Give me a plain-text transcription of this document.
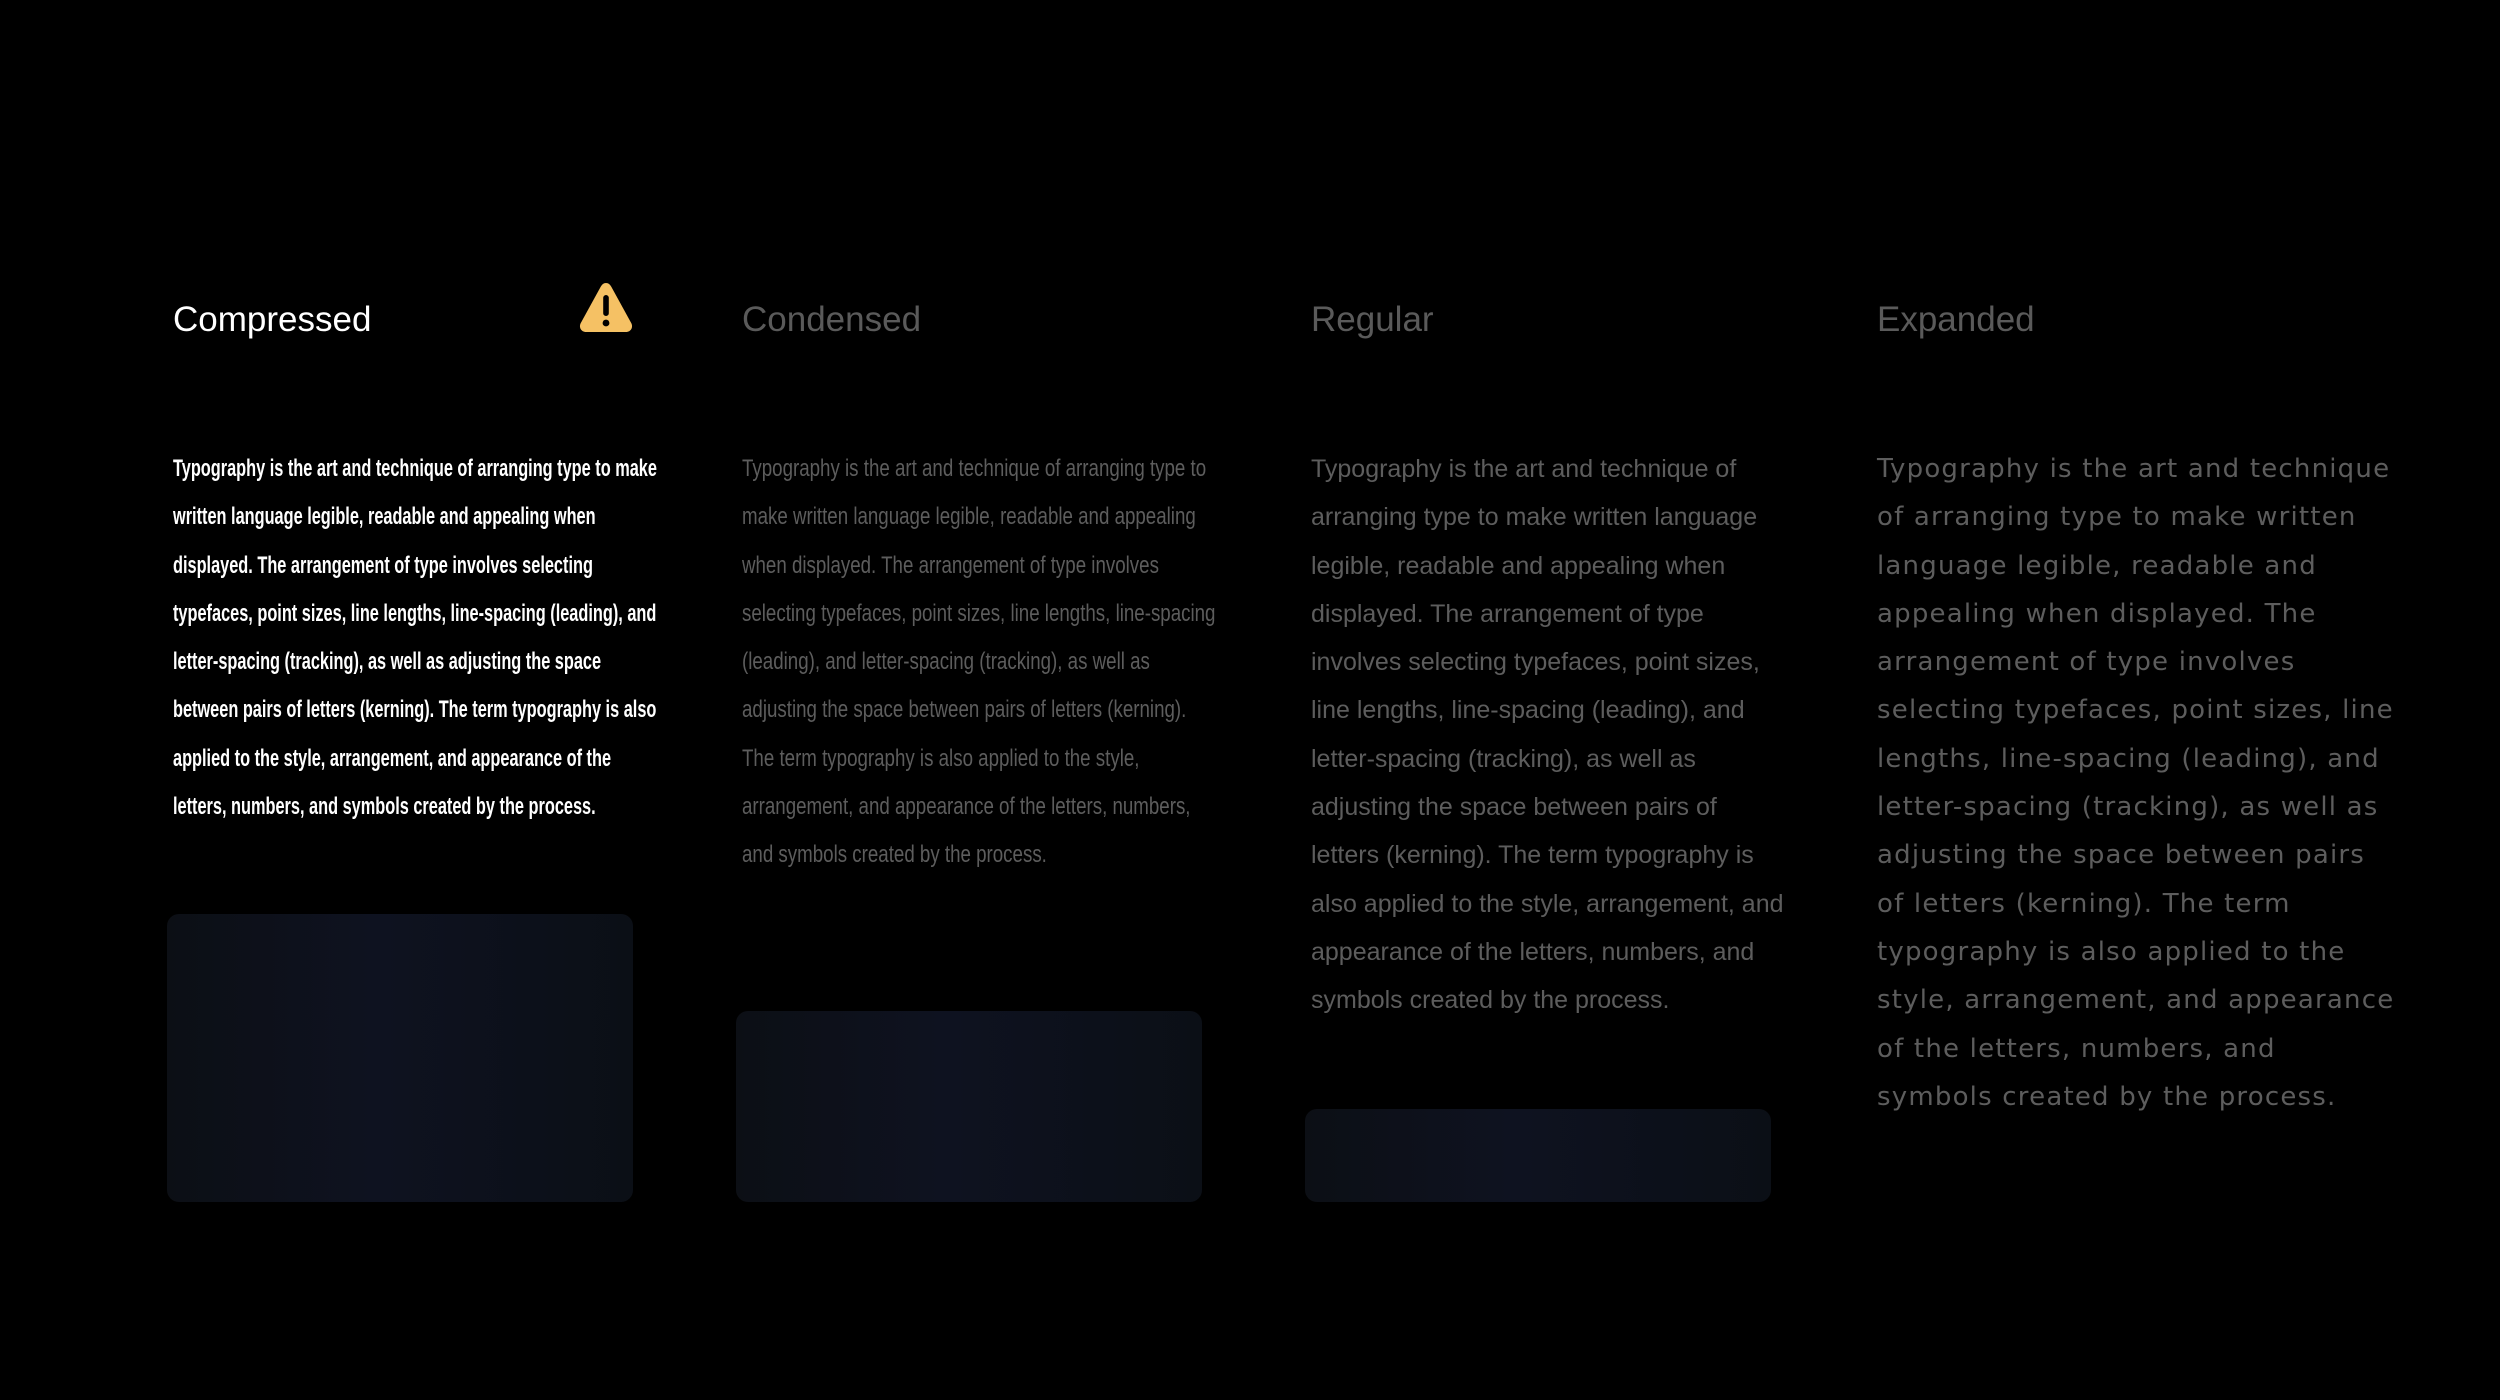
Compressed

Typography is the art and technique of arranging type to make written language legible, readable and appealing when displayed. The arrangement of type involves selecting typefaces, point sizes, line lengths, line-spacing (leading), and letter-spacing (tracking), as well as adjusting the space between pairs of letters (kerning). The term typography is also applied to the style, arrangement, and appearance of the letters, numbers, and symbols created by the process.

Condensed

Typography is the art and technique of arranging type to make written language legible, readable and appealing when displayed. The arrangement of type involves selecting typefaces, point sizes, line lengths, line-spacing (leading), and letter-spacing (tracking), as well as adjusting the space between pairs of letters (kerning). The term typography is also applied to the style, arrangement, and appearance of the letters, numbers, and symbols created by the process.

Regular

Typography is the art and technique of arranging type to make written language legible, readable and appealing when displayed. The arrangement of type involves selecting typefaces, point sizes, line lengths, line-spacing (leading), and letter-spacing (tracking), as well as adjusting the space between pairs of letters (kerning). The term typography is also applied to the style, arrangement, and appearance of the letters, numbers, and symbols created by the process.

Expanded

Typography is the art and technique of arranging type to make written language legible, readable and appealing when displayed. The arrangement of type involves selecting typefaces, point sizes, line lengths, line-spacing (leading), and letter-spacing (tracking), as well as adjusting the space between pairs of letters (kerning). The term typography is also applied to the style, arrangement, and appearance of the letters, numbers, and symbols created by the process.
